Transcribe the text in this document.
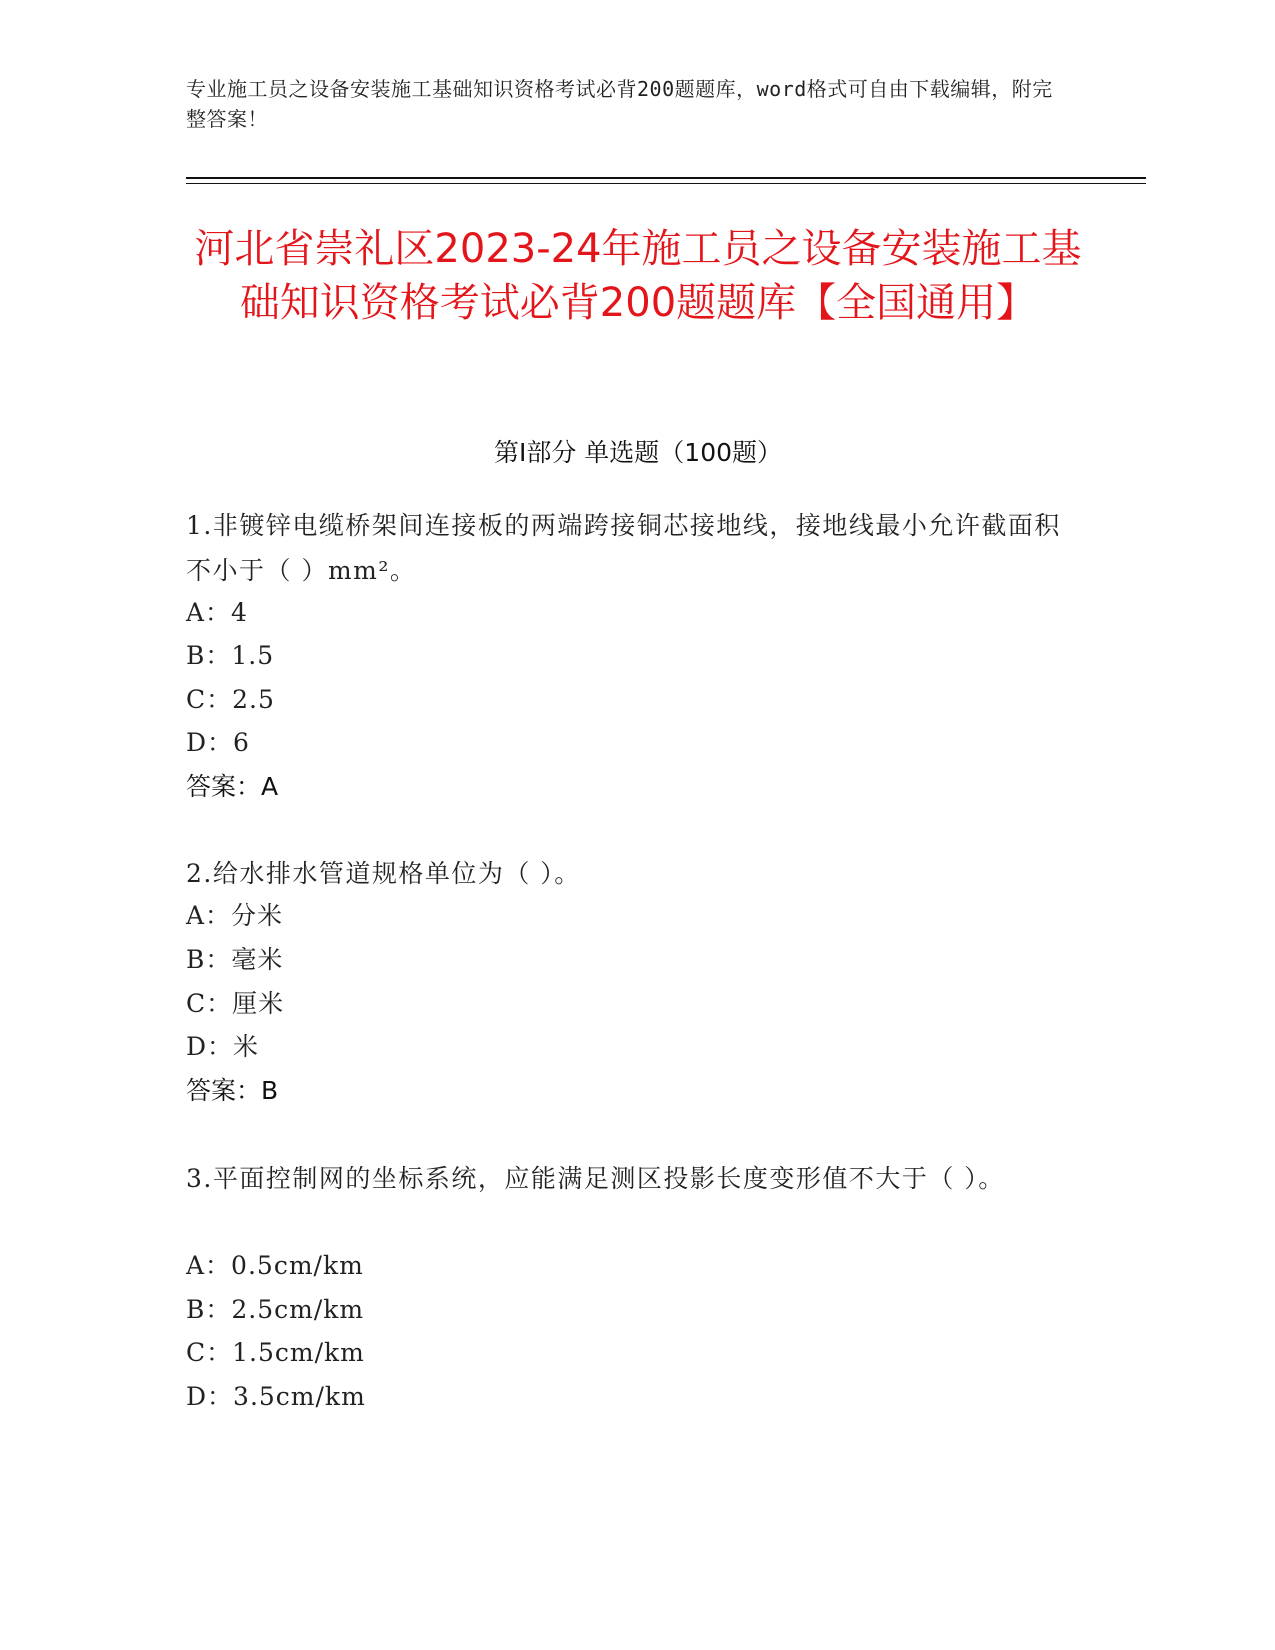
专业施工员之设备安装施工基础知识资格考试必背200题题库，word格式可自由下载编辑，附完整答案！
河北省崇礼区2023-24年施工员之设备安装施工基础知识资格考试必背200题题库【全国通用】
第Ⅰ部分 单选题（100题）
1.非镀锌电缆桥架间连接板的两端跨接铜芯接地线，接地线最小允许截面积不小于（ ）mm²。
A：4
B：1.5
C：2.5
D：6
答案：A
2.给水排水管道规格单位为（ ）。
A：分米
B：毫米
C：厘米
D：米
答案：B
3.平面控制网的坐标系统，应能满足测区投影长度变形值不大于（ ）。
A：0.5cm/km
B：2.5cm/km
C：1.5cm/km
D：3.5cm/km
